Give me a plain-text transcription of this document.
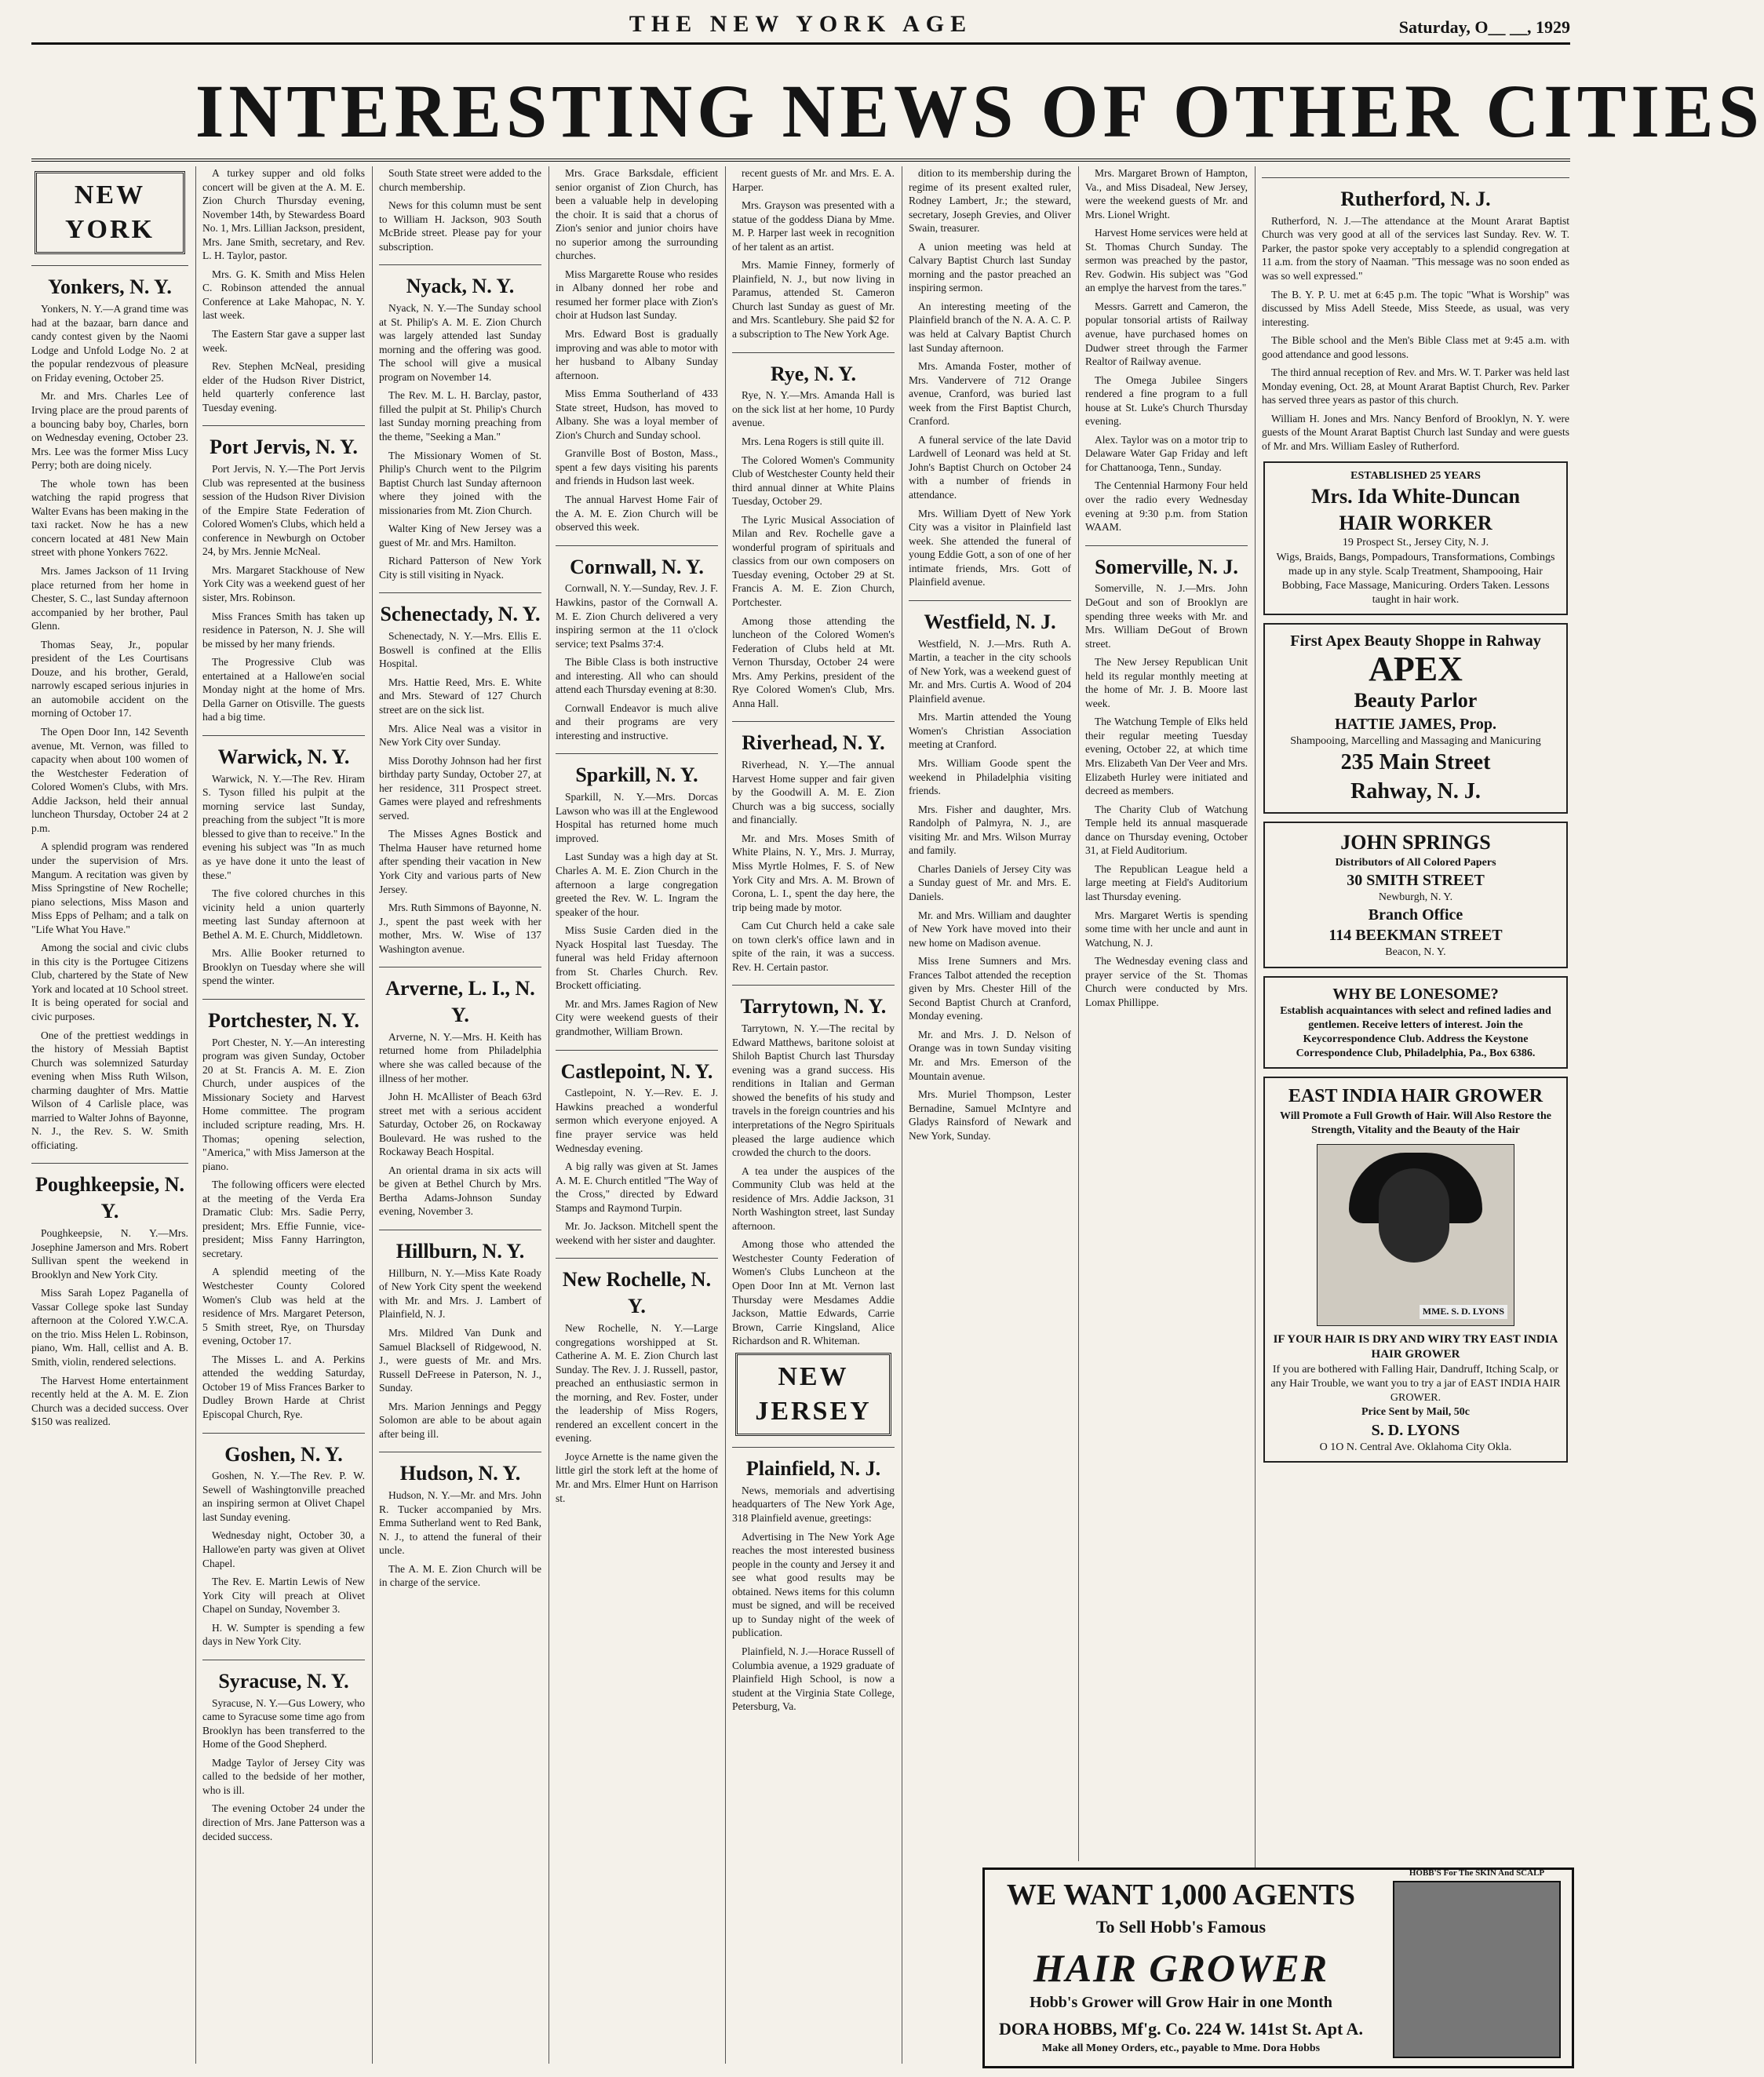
THE NEW YORK AGE	Saturday, O__ __, 1929
INTERESTING NEWS OF OTHER CITIES
NEW YORK
Yonkers, N. Y.
Yonkers, N. Y.—A grand time was had at the bazaar, barn dance and candy contest given by the Naomi Lodge and Unfold Lodge No. 2 at the popular rendezvous of pleasure on Friday evening, October 25.
Mr. and Mrs. Charles Lee of Irving place are the proud parents of a bouncing baby boy, Charles, born on Wednesday evening, October 23. Mrs. Lee was the former Miss Lucy Perry; both are doing nicely.
The whole town has been watching the rapid progress that Walter Evans has been making in the taxi racket. Now he has a new concern located at 481 New Main street with phone Yonkers 7622.
Mrs. James Jackson of 11 Irving place returned from her home in Chester, S. C., last Sunday afternoon accompanied by her brother, Paul Glenn.
Thomas Seay, Jr., popular president of the Les Courtisans Douze, and his brother, Gerald, narrowly escaped serious injuries in an automobile accident on the morning of October 17.
The Open Door Inn, 142 Seventh avenue, Mt. Vernon, was filled to capacity when about 100 women of the Westchester Federation of Colored Women's Clubs, with Mrs. Addie Jackson, held their annual luncheon Thursday, October 24 at 2 p.m.
A splendid program was rendered under the supervision of Mrs. Mangum. A recitation was given by Miss Springstine of New Rochelle; piano selections, Miss Mason and Miss Epps of Pelham; and a talk on "Life What You Have."
Among the social and civic clubs in this city is the Portugee Citizens Club, chartered by the State of New York and located at 10 School street. It is being operated for social and civic purposes.
One of the prettiest weddings in the history of Messiah Baptist Church was solemnized Saturday evening when Miss Ruth Wilson, charming daughter of Mrs. Mattie Wilson of 4 Carlisle place, was married to Walter Johns of Bayonne, N. J., the Rev. S. W. Smith officiating.
Poughkeepsie, N. Y.
Poughkeepsie, N. Y.—Mrs. Josephine Jamerson and Mrs. Robert Sullivan spent the weekend in Brooklyn and New York City.
Miss Sarah Lopez Paganella of Vassar College spoke last Sunday afternoon at the Colored Y.W.C.A. on the trio. Miss Helen L. Robinson, piano, Wm. Hall, cellist and A. B. Smith, violin, rendered selections.
The Harvest Home entertainment recently held at the A. M. E. Zion Church was a decided success. Over $150 was realized.
A turkey supper and old folks concert will be given at the A. M. E. Zion Church Thursday evening, November 14th, by Stewardess Board No. 1, Mrs. Lillian Jackson, president, Mrs. Jane Smith, secretary, and Rev. L. H. Taylor, pastor.
Mrs. G. K. Smith and Miss Helen C. Robinson attended the annual Conference at Lake Mahopac, N. Y. last week.
The Eastern Star gave a supper last week.
Rev. Stephen McNeal, presiding elder of the Hudson River District, held quarterly conference last Tuesday evening.
Port Jervis, N. Y.
Port Jervis, N. Y.—The Port Jervis Club was represented at the business session of the Hudson River Division of the Empire State Federation of Colored Women's Clubs, which held a conference in Newburgh on October 24, by Mrs. Jennie McNeal.
Mrs. Margaret Stackhouse of New York City was a weekend guest of her sister, Mrs. Robinson.
Miss Frances Smith has taken up residence in Paterson, N. J. She will be missed by her many friends.
The Progressive Club was entertained at a Hallowe'en social Monday night at the home of Mrs. Della Garner on Otisville. The guests had a big time.
Warwick, N. Y.
Warwick, N. Y.—The Rev. Hiram S. Tyson filled his pulpit at the morning service last Sunday, preaching from the subject "It is more blessed to give than to receive." In the evening his subject was "In as much as ye have done it unto the least of these."
The five colored churches in this vicinity held a union quarterly meeting last Sunday afternoon at Bethel A. M. E. Church, Middletown.
Mrs. Allie Booker returned to Brooklyn on Tuesday where she will spend the winter.
Portchester, N. Y.
Port Chester, N. Y.—An interesting program was given Sunday, October 20 at St. Francis A. M. E. Zion Church, under auspices of the Missionary Society and Harvest Home committee. The program included scripture reading, Mrs. H. Thomas; opening selection, "America," with Miss Jamerson at the piano.
The following officers were elected at the meeting of the Verda Era Dramatic Club: Mrs. Sadie Perry, president; Mrs. Effie Funnie, vice-president; Miss Fanny Harrington, secretary.
A splendid meeting of the Westchester County Colored Women's Club was held at the residence of Mrs. Margaret Peterson, 5 Smith street, Rye, on Thursday evening, October 17.
The Misses L. and A. Perkins attended the wedding Saturday, October 19 of Miss Frances Barker to Dudley Brown Harde at Christ Episcopal Church, Rye.
Goshen, N. Y.
Goshen, N. Y.—The Rev. P. W. Sewell of Washingtonville preached an inspiring sermon at Olivet Chapel last Sunday evening.
Wednesday night, October 30, a Hallowe'en party was given at Olivet Chapel.
The Rev. E. Martin Lewis of New York City will preach at Olivet Chapel on Sunday, November 3.
H. W. Sumpter is spending a few days in New York City.
Syracuse, N. Y.
Syracuse, N. Y.—Gus Lowery, who came to Syracuse some time ago from Brooklyn has been transferred to the Home of the Good Shepherd.
Madge Taylor of Jersey City was called to the bedside of her mother, who is ill.
The evening October 24 under the direction of Mrs. Jane Patterson was a decided success.
South State street were added to the church membership.
News for this column must be sent to William H. Jackson, 903 South McBride street. Please pay for your subscription.
Nyack, N. Y.
Nyack, N. Y.—The Sunday school at St. Philip's A. M. E. Zion Church was largely attended last Sunday morning and the offering was good. The school will give a musical program on November 14.
The Rev. M. L. H. Barclay, pastor, filled the pulpit at St. Philip's Church last Sunday morning preaching from the theme, "Seeking a Man."
The Missionary Women of St. Philip's Church went to the Pilgrim Baptist Church last Sunday afternoon where they joined with the missionaries from Mt. Zion Church.
Walter King of New Jersey was a guest of Mr. and Mrs. Hamilton.
Richard Patterson of New York City is still visiting in Nyack.
Schenectady, N. Y.
Schenectady, N. Y.—Mrs. Ellis E. Boswell is confined at the Ellis Hospital.
Mrs. Hattie Reed, Mrs. E. White and Mrs. Steward of 127 Church street are on the sick list.
Mrs. Alice Neal was a visitor in New York City over Sunday.
Miss Dorothy Johnson had her first birthday party Sunday, October 27, at her residence, 311 Prospect street. Games were played and refreshments served.
The Misses Agnes Bostick and Thelma Hauser have returned home after spending their vacation in New York City and various parts of New Jersey.
Mrs. Ruth Simmons of Bayonne, N. J., spent the past week with her mother, Mrs. W. Wise of 137 Washington avenue.
Arverne, L. I., N. Y.
Arverne, N. Y.—Mrs. H. Keith has returned home from Philadelphia where she was called because of the illness of her mother.
John H. McAllister of Beach 63rd street met with a serious accident Saturday, October 26, on Rockaway Boulevard. He was rushed to the Rockaway Beach Hospital.
An oriental drama in six acts will be given at Bethel Church by Mrs. Bertha Adams-Johnson Sunday evening, November 3.
Hillburn, N. Y.
Hillburn, N. Y.—Miss Kate Roady of New York City spent the weekend with Mr. and Mrs. J. Lambert of Plainfield, N. J.
Mrs. Mildred Van Dunk and Samuel Blacksell of Ridgewood, N. J., were guests of Mr. and Mrs. Russell DeFreese in Paterson, N. J., Sunday.
Mrs. Marion Jennings and Peggy Solomon are able to be about again after being ill.
Hudson, N. Y.
Hudson, N. Y.—Mr. and Mrs. John R. Tucker accompanied by Mrs. Emma Sutherland went to Red Bank, N. J., to attend the funeral of their uncle.
The A. M. E. Zion Church will be in charge of the service.
Mrs. Grace Barksdale, efficient senior organist of Zion Church, has been a valuable help in developing the choir. It is said that a chorus of Zion's senior and junior choirs have no superior among the surrounding churches.
Miss Margarette Rouse who resides in Albany donned her robe and resumed her former place with Zion's choir at Hudson last Sunday.
Mrs. Edward Bost is gradually improving and was able to motor with her husband to Albany Sunday afternoon.
Miss Emma Southerland of 433 State street, Hudson, has moved to Albany. She was a loyal member of Zion's Church and Sunday school.
Granville Bost of Boston, Mass., spent a few days visiting his parents and friends in Hudson last week.
The annual Harvest Home Fair of the A. M. E. Zion Church will be observed this week.
Cornwall, N. Y.
Cornwall, N. Y.—Sunday, Rev. J. F. Hawkins, pastor of the Cornwall A. M. E. Zion Church delivered a very inspiring sermon at the 11 o'clock service; text Psalms 37:4.
The Bible Class is both instructive and interesting. All who can should attend each Thursday evening at 8:30.
Cornwall Endeavor is much alive and their programs are very interesting and instructive.
Sparkill, N. Y.
Sparkill, N. Y.—Mrs. Dorcas Lawson who was ill at the Englewood Hospital has returned home much improved.
Last Sunday was a high day at St. Charles A. M. E. Zion Church in the afternoon a large congregation greeted the Rev. W. L. Ingram the speaker of the hour.
Miss Susie Carden died in the Nyack Hospital last Tuesday. The funeral was held Friday afternoon from St. Charles Church. Rev. Brockett officiating.
Mr. and Mrs. James Ragion of New City were weekend guests of their grandmother, William Brown.
Castlepoint, N. Y.
Castlepoint, N. Y.—Rev. E. J. Hawkins preached a wonderful sermon which everyone enjoyed. A fine prayer service was held Wednesday evening.
A big rally was given at St. James A. M. E. Church entitled "The Way of the Cross," directed by Edward Stamps and Raymond Turpin.
Mr. Jo. Jackson. Mitchell spent the weekend with her sister and daughter.
New Rochelle, N. Y.
New Rochelle, N. Y.—Large congregations worshipped at St. Catherine A. M. E. Zion Church last Sunday. The Rev. J. J. Russell, pastor, preached an enthusiastic sermon in the morning, and Rev. Foster, under the leadership of Miss Rogers, rendered an excellent concert in the evening.
Joyce Arnette is the name given the little girl the stork left at the home of Mr. and Mrs. Elmer Hunt on Harrison st.
recent guests of Mr. and Mrs. E. A. Harper.
Mrs. Grayson was presented with a statue of the goddess Diana by Mme. M. P. Harper last week in recognition of her talent as an artist.
Mrs. Mamie Finney, formerly of Plainfield, N. J., but now living in Paramus, attended St. Cameron Church last Sunday as guest of Mr. and Mrs. Scantlebury. She paid $2 for a subscription to The New York Age.
Rye, N. Y.
Rye, N. Y.—Mrs. Amanda Hall is on the sick list at her home, 10 Purdy avenue.
Mrs. Lena Rogers is still quite ill.
The Colored Women's Community Club of Westchester County held their third annual dinner at White Plains Tuesday, October 29.
The Lyric Musical Association of Milan and Rev. Rochelle gave a wonderful program of spirituals and classics from our own composers on Tuesday evening, October 29 at St. Francis A. M. E. Zion Church, Portchester.
Among those attending the luncheon of the Colored Women's Federation of Clubs held at Mt. Vernon Thursday, October 24 were Mrs. Amy Perkins, president of the Rye Colored Women's Club, Mrs. Anna Hall.
Riverhead, N. Y.
Riverhead, N. Y.—The annual Harvest Home supper and fair given by the Goodwill A. M. E. Zion Church was a big success, socially and financially.
Mr. and Mrs. Moses Smith of White Plains, N. Y., Mrs. J. Murray, Miss Myrtle Holmes, F. S. of New York City and Mrs. A. M. Brown of Corona, L. I., spent the day here, the trip being made by motor.
Cam Cut Church held a cake sale on town clerk's office lawn and in spite of the rain, it was a success. Rev. H. Certain pastor.
Tarrytown, N. Y.
Tarrytown, N. Y.—The recital by Edward Matthews, baritone soloist at Shiloh Baptist Church last Thursday evening was a grand success. His renditions in Italian and German showed the benefits of his study and travels in the foreign countries and his interpretations of the Negro Spirituals pleased the large audience which crowded the church to the doors.
A tea under the auspices of the Community Club was held at the residence of Mrs. Addie Jackson, 31 North Washington street, last Sunday afternoon.
Among those who attended the Westchester County Federation of Women's Clubs Luncheon at the Open Door Inn at Mt. Vernon last Thursday were Mesdames Addie Jackson, Mattie Edwards, Carrie Brown, Carrie Kingsland, Alice Richardson and R. Whiteman.
NEW JERSEY
Plainfield, N. J.
News, memorials and advertising headquarters of The New York Age, 318 Plainfield avenue, greetings:
Advertising in The New York Age reaches the most interested business people in the county and Jersey it and see what good results may be obtained. News items for this column must be signed, and will be received up to Sunday night of the week of publication.
Plainfield, N. J.—Horace Russell of Columbia avenue, a 1929 graduate of Plainfield High School, is now a student at the Virginia State College, Petersburg, Va.
dition to its membership during the regime of its present exalted ruler, Rodney Lambert, Jr.; the steward, secretary, Joseph Grevies, and Oliver Swain, treasurer.
A union meeting was held at Calvary Baptist Church last Sunday morning and the pastor preached an inspiring sermon.
An interesting meeting of the Plainfield branch of the N. A. A. C. P. was held at Calvary Baptist Church last Sunday afternoon.
Mrs. Amanda Foster, mother of Mrs. Vandervere of 712 Orange avenue, Cranford, was buried last week from the First Baptist Church, Cranford.
A funeral service of the late David Lardwell of Leonard was held at St. John's Baptist Church on October 24 with a number of friends in attendance.
Mrs. William Dyett of New York City was a visitor in Plainfield last week. She attended the funeral of young Eddie Gott, a son of one of her intimate friends, Mrs. Gott of Plainfield avenue.
Westfield, N. J.
Westfield, N. J.—Mrs. Ruth A. Martin, a teacher in the city schools of New York, was a weekend guest of Mr. and Mrs. Curtis A. Wood of 204 Plainfield avenue.
Mrs. Martin attended the Young Women's Christian Association meeting at Cranford.
Mrs. William Goode spent the weekend in Philadelphia visiting friends.
Mrs. Fisher and daughter, Mrs. Randolph of Palmyra, N. J., are visiting Mr. and Mrs. Wilson Murray and family.
Charles Daniels of Jersey City was a Sunday guest of Mr. and Mrs. E. Daniels.
Mr. and Mrs. William and daughter of New York have moved into their new home on Madison avenue.
Miss Irene Sumners and Mrs. Frances Talbot attended the reception given by Mrs. Chester Hill of the Second Baptist Church at Cranford, Monday evening.
Mr. and Mrs. J. D. Nelson of Orange was in town Sunday visiting Mr. and Mrs. Emerson of the Mountain avenue.
Mrs. Muriel Thompson, Lester Bernadine, Samuel McIntyre and Gladys Rainsford of Newark and New York, Sunday.
Mrs. Margaret Brown of Hampton, Va., and Miss Disadeal, New Jersey, were the weekend guests of Mr. and Mrs. Lionel Wright.
Harvest Home services were held at St. Thomas Church Sunday. The sermon was preached by the pastor, Rev. Godwin. His subject was "God an emplye the harvest from the tares."
Messrs. Garrett and Cameron, the popular tonsorial artists of Railway avenue, have purchased homes on Dudwer street through the Farmer Realtor of Railway avenue.
The Omega Jubilee Singers rendered a fine program to a full house at St. Luke's Church Thursday evening.
Alex. Taylor was on a motor trip to Delaware Water Gap Friday and left for Chattanooga, Tenn., Sunday.
The Centennial Harmony Four held over the radio every Wednesday evening at 9:30 p.m. from Station WAAM.
Somerville, N. J.
Somerville, N. J.—Mrs. John DeGout and son of Brooklyn are spending three weeks with Mr. and Mrs. William DeGout of Brown street.
The New Jersey Republican Unit held its regular monthly meeting at the home of Mr. J. B. Moore last week.
The Watchung Temple of Elks held their regular meeting Tuesday evening, October 22, at which time Mrs. Elizabeth Van Der Veer and Mrs. Elizabeth Hurley were initiated and decreed as members.
The Charity Club of Watchung Temple held its annual masquerade dance on Thursday evening, October 31, at Field Auditorium.
The Republican League held a large meeting at Field's Auditorium last Thursday evening.
Mrs. Margaret Wertis is spending some time with her uncle and aunt in Watchung, N. J.
The Wednesday evening class and prayer service of the St. Thomas Church were conducted by Mrs. Lomax Phillippe.
Rutherford, N. J.
Rutherford, N. J.—The attendance at the Mount Ararat Baptist Church was very good at all of the services last Sunday. Rev. W. T. Parker, the pastor spoke very acceptably to a splendid congregation at 11 a.m. from the story of Naaman. "This message was no soon ended as was so well expressed."
The B. Y. P. U. met at 6:45 p.m. The topic "What is Worship" was discussed by Miss Adell Steede, Miss Steede, as usual, was very interesting.
The Bible school and the Men's Bible Class met at 9:45 a.m. with good attendance and good lessons.
The third annual reception of Rev. and Mrs. W. T. Parker was held last Monday evening, Oct. 28, at Mount Ararat Baptist Church, Rev. Parker has served three years as pastor of this church.
William H. Jones and Mrs. Nancy Benford of Brooklyn, N. Y. were guests of the Mount Ararat Baptist Church last Sunday and were guests of Mr. and Mrs. William Easley of Rutherford.
ESTABLISHED 25 YEARS
Mrs. Ida White-Duncan
HAIR WORKER
19 Prospect St., Jersey City, N. J.
Wigs, Braids, Bangs, Pompadours, Transformations, Combings made up in any style. Scalp Treatment, Shampooing, Hair Bobbing, Face Massage, Manicuring. Orders Taken. Lessons taught in hair work.
First Apex Beauty Shoppe in Rahway
APEX
Beauty Parlor
HATTIE JAMES, Prop.
Shampooing, Marcelling and Massaging and Manicuring
235 Main Street
Rahway, N. J.
JOHN SPRINGS
Distributors of All Colored Papers
30 SMITH STREET
Newburgh, N. Y.
Branch Office
114 BEEKMAN STREET
Beacon, N. Y.
WHY BE LONESOME?
Establish acquaintances with select and refined ladies and gentlemen. Receive letters of interest. Join the Keycorrespondence Club. Address the Keystone Correspondence Club, Philadelphia, Pa., Box 6386.
EAST INDIA HAIR GROWER
Will Promote a Full Growth of Hair. Will Also Restore the Strength, Vitality and the Beauty of the Hair
MME. S. D. LYONS
IF YOUR HAIR IS DRY AND WIRY TRY EAST INDIA HAIR GROWER
If you are bothered with Falling Hair, Dandruff, Itching Scalp, or any Hair Trouble, we want you to try a jar of EAST INDIA HAIR GROWER.
Price Sent by Mail, 50c
S. D. LYONS
O 1O N. Central Ave. Oklahoma City Okla.
WE WANT 1,000 AGENTS
To Sell Hobb's Famous
HAIR GROWER
Hobb's Grower will Grow Hair in one Month
DORA HOBBS, Mf'g. Co. 224 W. 141st St. Apt A.
Make all Money Orders, etc., payable to Mme. Dora Hobbs
HOBB'S For The SKIN And SCALP
